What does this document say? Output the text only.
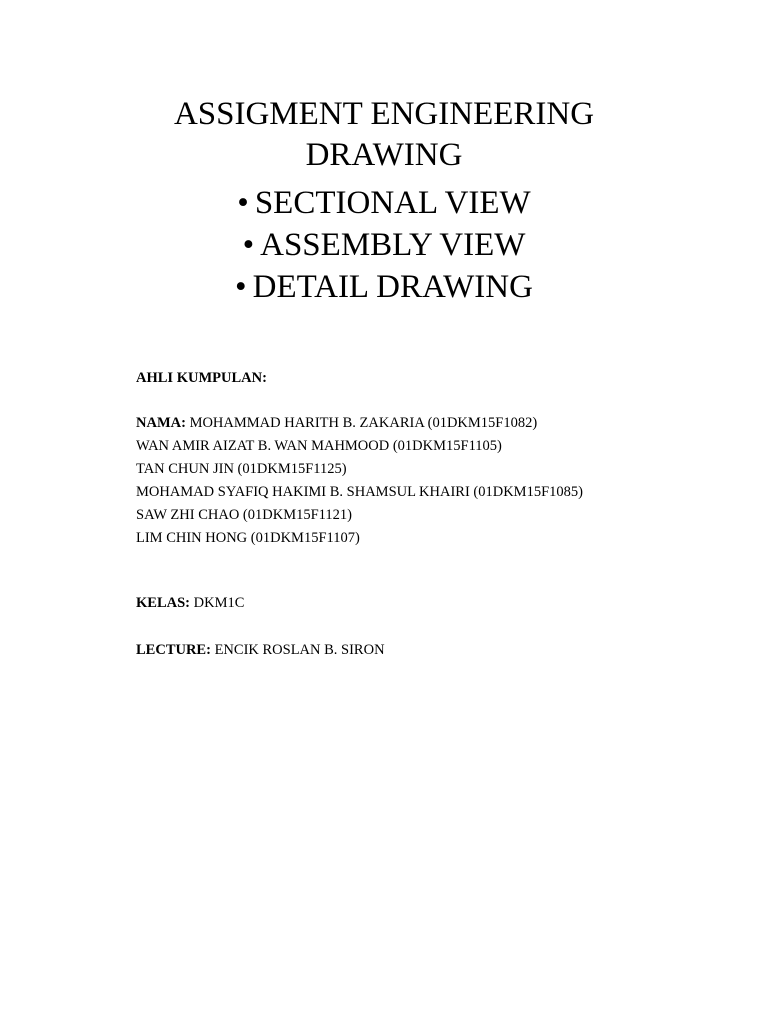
ASSIGMENT ENGINEERING
DRAWING
• SECTIONAL VIEW
• ASSEMBLY VIEW
• DETAIL DRAWING
AHLI KUMPULAN:
NAMA: MOHAMMAD HARITH B. ZAKARIA (01DKM15F1082)
WAN AMIR AIZAT B. WAN MAHMOOD (01DKM15F1105)
TAN CHUN JIN (01DKM15F1125)
MOHAMAD SYAFIQ HAKIMI B. SHAMSUL KHAIRI (01DKM15F1085)
SAW ZHI CHAO (01DKM15F1121)
LIM CHIN HONG (01DKM15F1107)
KELAS: DKM1C
LECTURE: ENCIK ROSLAN B. SIRON
